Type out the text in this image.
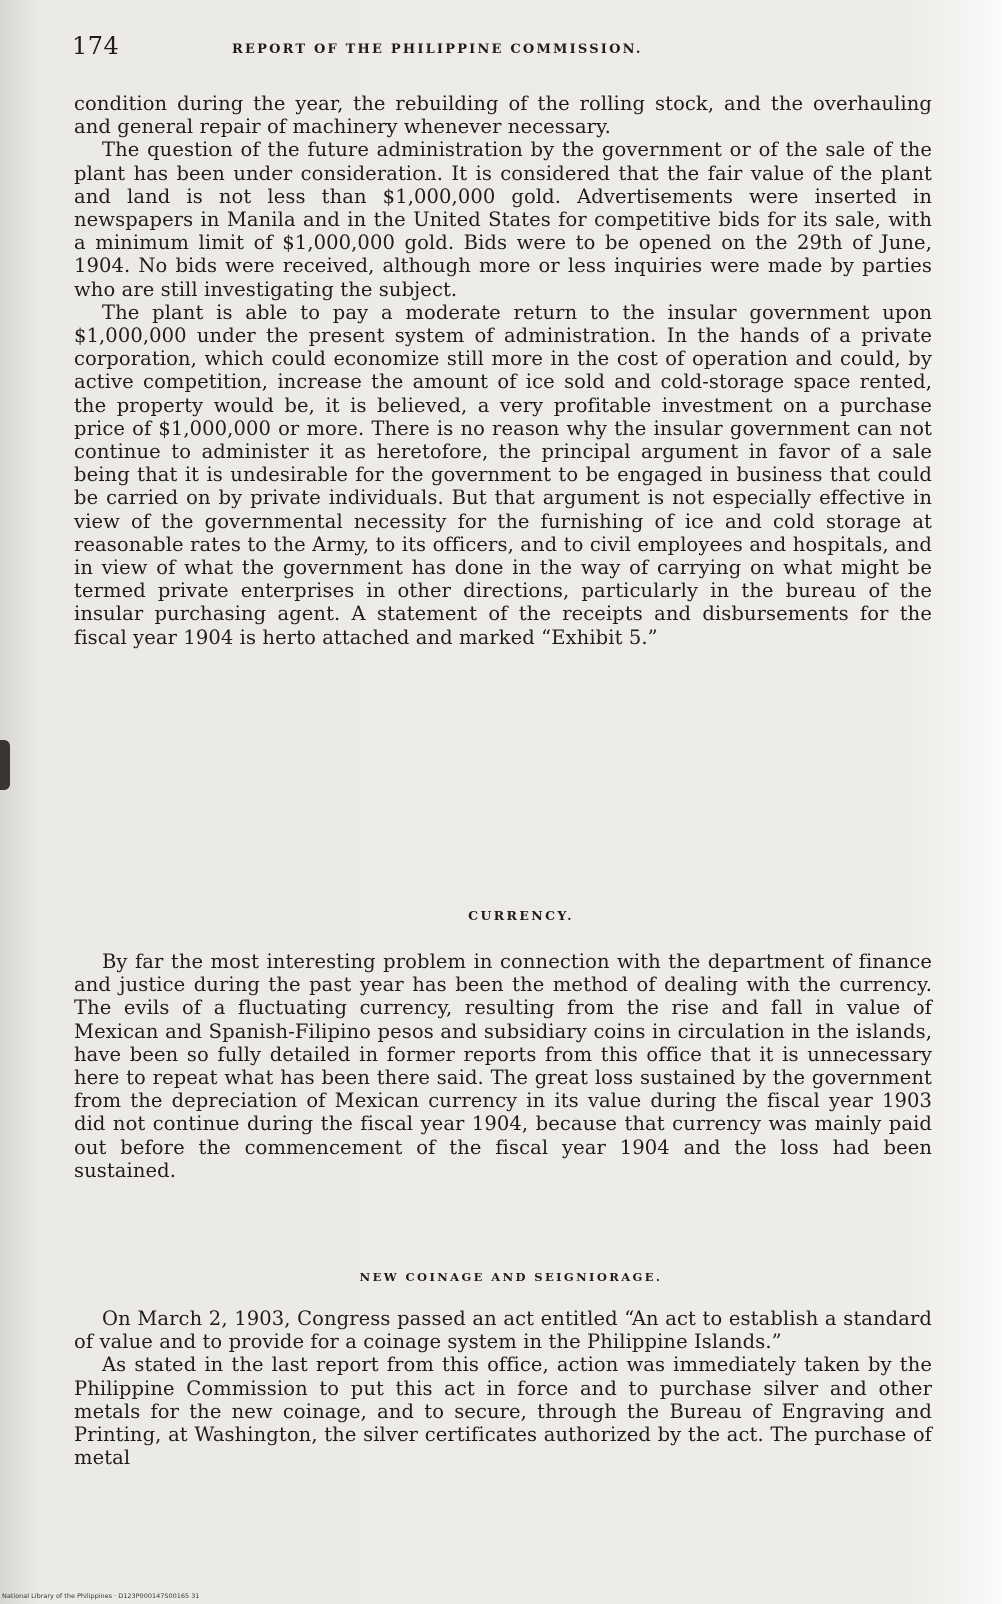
174	REPORT OF THE PHILIPPINE COMMISSION.

condition during the year, the rebuilding of the rolling stock, and the overhauling and general repair of machinery whenever necessary.

The question of the future administration by the government or of the sale of the plant has been under consideration. It is considered that the fair value of the plant and land is not less than $1,000,000 gold. Advertisements were inserted in newspapers in Manila and in the United States for competitive bids for its sale, with a minimum limit of $1,000,000 gold. Bids were to be opened on the 29th of June, 1904. No bids were received, although more or less inquiries were made by parties who are still investigating the subject.

The plant is able to pay a moderate return to the insular government upon $1,000,000 under the present system of administration. In the hands of a private corporation, which could economize still more in the cost of operation and could, by active competition, increase the amount of ice sold and cold-storage space rented, the property would be, it is believed, a very profitable investment on a purchase price of $1,000,000 or more. There is no reason why the insular government can not continue to administer it as heretofore, the principal argument in favor of a sale being that it is undesirable for the government to be engaged in business that could be carried on by private individuals. But that argument is not especially effective in view of the governmental necessity for the furnishing of ice and cold storage at reasonable rates to the Army, to its officers, and to civil employees and hospitals, and in view of what the government has done in the way of carrying on what might be termed private enterprises in other directions, particularly in the bureau of the insular purchasing agent. A statement of the receipts and disbursements for the fiscal year 1904 is herto attached and marked “Exhibit 5.”

CURRENCY.

By far the most interesting problem in connection with the department of finance and justice during the past year has been the method of dealing with the currency. The evils of a fluctuating currency, resulting from the rise and fall in value of Mexican and Spanish-Filipino pesos and subsidiary coins in circulation in the islands, have been so fully detailed in former reports from this office that it is unnecessary here to repeat what has been there said. The great loss sustained by the government from the depreciation of Mexican currency in its value during the fiscal year 1903 did not continue during the fiscal year 1904, because that currency was mainly paid out before the commencement of the fiscal year 1904 and the loss had been sustained.

NEW COINAGE AND SEIGNIORAGE.

On March 2, 1903, Congress passed an act entitled “An act to establish a standard of value and to provide for a coinage system in the Philippine Islands.”

As stated in the last report from this office, action was immediately taken by the Philippine Commission to put this act in force and to purchase silver and other metals for the new coinage, and to secure, through the Bureau of Engraving and Printing, at Washington, the silver certificates authorized by the act. The purchase of metal

National Library of the Philippines · D123P000147S00165 31
